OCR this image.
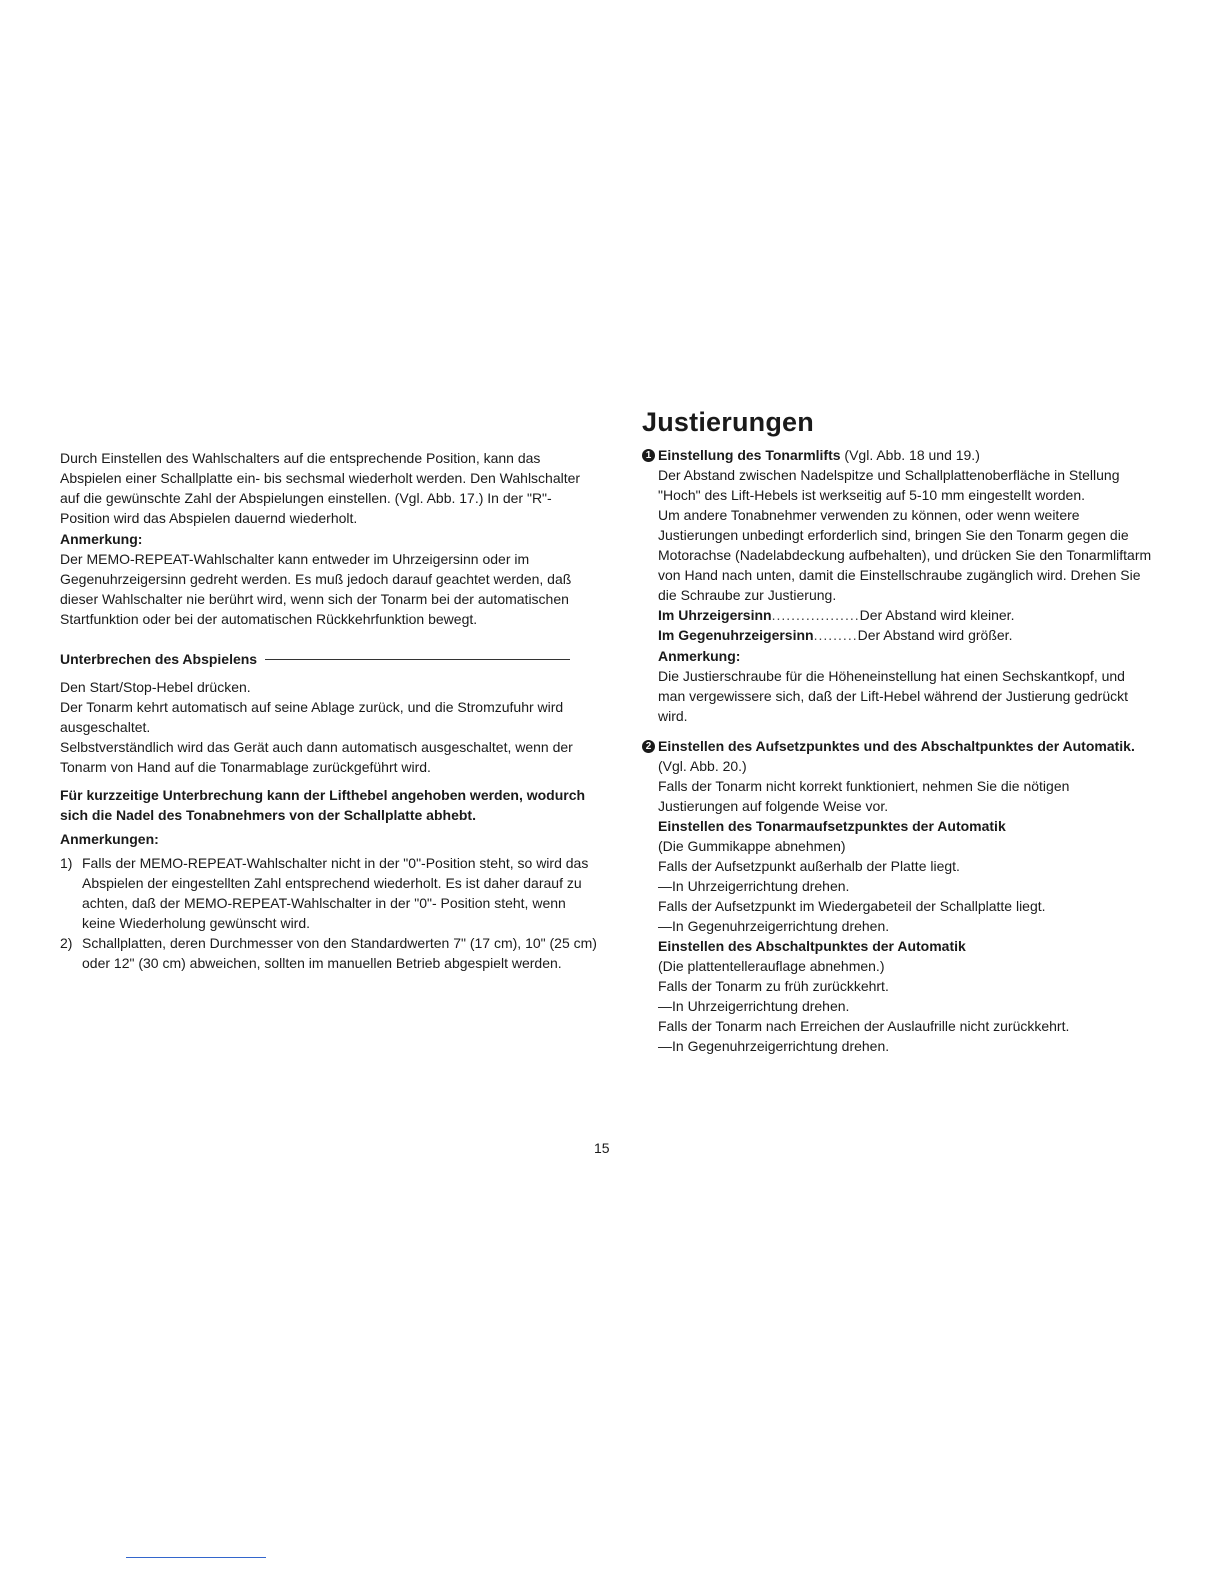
Durch Einstellen des Wahlschalters auf die entsprechende Position, kann das Abspielen einer Schallplatte ein- bis sechsmal wiederholt werden. Den Wahlschalter auf die gewünschte Zahl der Abspielungen einstellen. (Vgl. Abb. 17.) In der "R"-Position wird das Abspielen dauernd wiederholt.

Anmerkung:

Der MEMO-REPEAT-Wahlschalter kann entweder im Uhrzeigersinn oder im Gegenuhrzeigersinn gedreht werden. Es muß jedoch darauf geachtet werden, daß dieser Wahlschalter nie berührt wird, wenn sich der Tonarm bei der automatischen Startfunktion oder bei der automatischen Rückkehrfunktion bewegt.

Unterbrechen des Abspielens

Den Start/Stop-Hebel drücken.

Der Tonarm kehrt automatisch auf seine Ablage zurück, und die Stromzufuhr wird ausgeschaltet.

Selbstverständlich wird das Gerät auch dann automatisch ausgeschaltet, wenn der Tonarm von Hand auf die Tonarmablage zurückgeführt wird.

Für kurzzeitige Unterbrechung kann der Lifthebel angehoben werden, wodurch sich die Nadel des Tonabnehmers von der Schallplatte abhebt.

Anmerkungen:

1) Falls der MEMO-REPEAT-Wahlschalter nicht in der "0"-Position steht, so wird das Abspielen der eingestellten Zahl entsprechend wiederholt. Es ist daher darauf zu achten, daß der MEMO-REPEAT-Wahlschalter in der "0"- Position steht, wenn keine Wiederholung gewünscht wird.
2) Schallplatten, deren Durchmesser von den Standardwerten 7" (17 cm), 10" (25 cm) oder 12" (30 cm) abweichen, sollten im manuellen Betrieb abgespielt werden.
Justierungen
1 Einstellung des Tonarmlifts (Vgl. Abb. 18 und 19.)

Der Abstand zwischen Nadelspitze und Schallplattenoberfläche in Stellung "Hoch" des Lift-Hebels ist werkseitig auf 5-10 mm eingestellt worden.

Um andere Tonabnehmer verwenden zu können, oder wenn weitere Justierungen unbedingt erforderlich sind, bringen Sie den Tonarm gegen die Motorachse (Nadelabdeckung aufbehalten), und drücken Sie den Tonarmliftarm von Hand nach unten, damit die Einstellschraube zugänglich wird. Drehen Sie die Schraube zur Justierung.

Im Uhrzeigersinn .................. Der Abstand wird kleiner.
Im Gegenuhrzeigersinn ......... Der Abstand wird größer.

Anmerkung:

Die Justierschraube für die Höheneinstellung hat einen Sechskantkopf, und man vergewissere sich, daß der Lift-Hebel während der Justierung gedrückt wird.

2 Einstellen des Aufsetzpunktes und des Abschaltpunktes der Automatik. (Vgl. Abb. 20.)

Falls der Tonarm nicht korrekt funktioniert, nehmen Sie die nötigen Justierungen auf folgende Weise vor.

Einstellen des Tonarmaufsetzpunktes der Automatik

(Die Gummikappe abnehmen)

Falls der Aufsetzpunkt außerhalb der Platte liegt.

—In Uhrzeigerrichtung drehen.

Falls der Aufsetzpunkt im Wiedergabeteil der Schallplatte liegt.

—In Gegenuhrzeigerrichtung drehen.

Einstellen des Abschaltpunktes der Automatik

(Die plattentellerauflage abnehmen.)

Falls der Tonarm zu früh zurückkehrt.

—In Uhrzeigerrichtung drehen.

Falls der Tonarm nach Erreichen der Auslaufrille nicht zurückkehrt.

—In Gegenuhrzeigerrichtung drehen.

15
